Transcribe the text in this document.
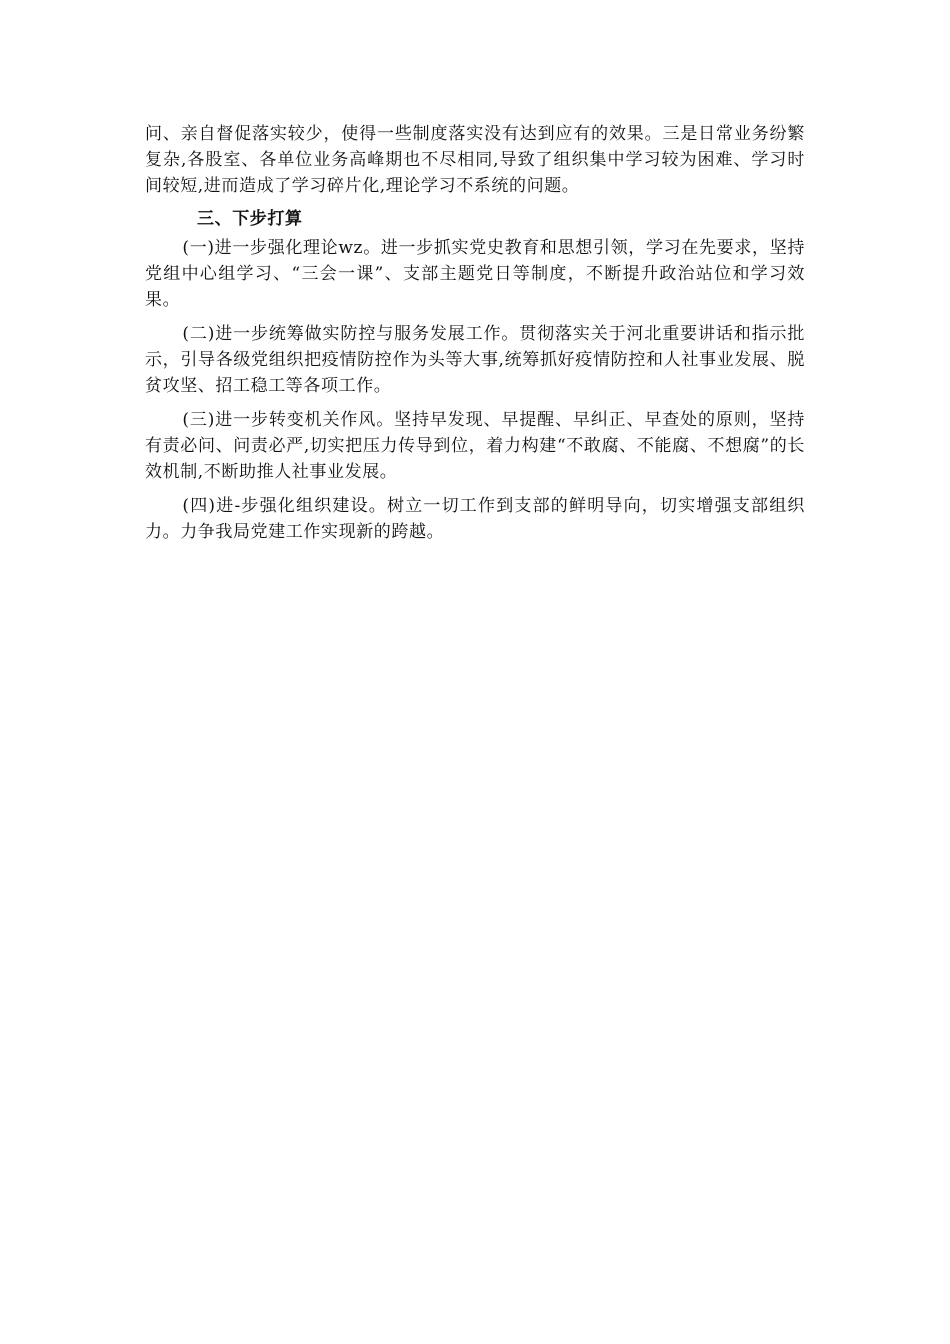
问、亲自督促落实较少，使得一些制度落实没有达到应有的效果。三是日常业务纷繁复杂,各股室、各单位业务高峰期也不尽相同,导致了组织集中学习较为困难、学习时间较短,进而造成了学习碎片化,理论学习不系统的问题。

三、下步打算

(一)进一步强化理论wz。进一步抓实党史教育和思想引领，学习在先要求，坚持党组中心组学习、“三会一课”、支部主题党日等制度，不断提升政治站位和学习效果。

(二)进一步统筹做实防控与服务发展工作。贯彻落实关于河北重要讲话和指示批示，引导各级党组织把疫情防控作为头等大事,统筹抓好疫情防控和人社事业发展、脱贫攻坚、招工稳工等各项工作。

(三)进一步转变机关作风。坚持早发现、早提醒、早纠正、早查处的原则，坚持有责必问、问责必严,切实把压力传导到位，着力构建“不敢腐、不能腐、不想腐”的长效机制,不断助推人社事业发展。

(四)进-步强化组织建设。树立一切工作到支部的鲜明导向，切实增强支部组织力。力争我局党建工作实现新的跨越。
